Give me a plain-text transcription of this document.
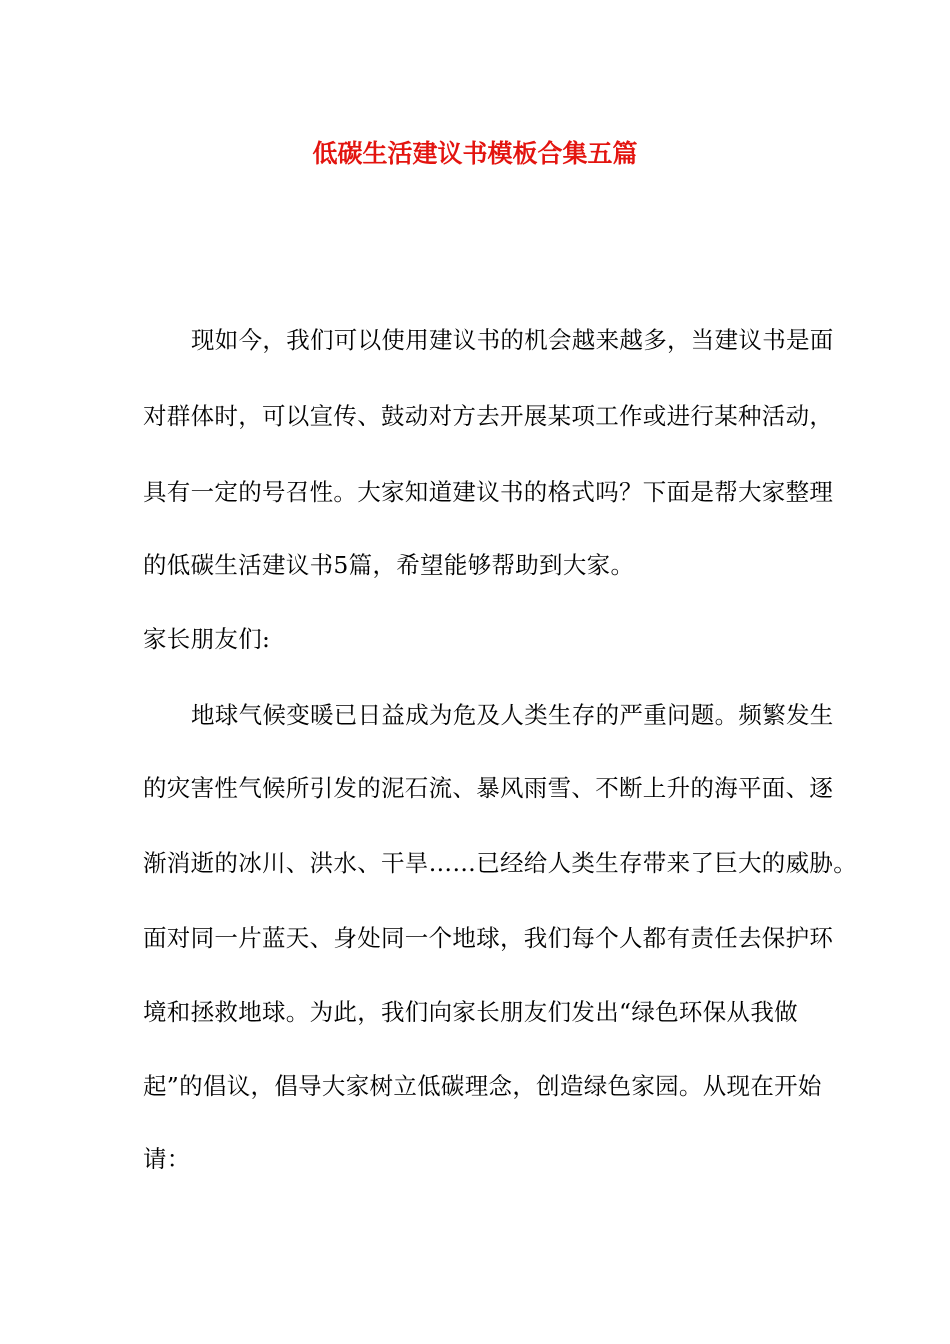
低碳生活建议书模板合集五篇
现如今，我们可以使用建议书的机会越来越多，当建议书是面
对群体时，可以宣传、鼓动对方去开展某项工作或进行某种活动，
具有一定的号召性。大家知道建议书的格式吗？下面是帮大家整理
的低碳生活建议书5篇，希望能够帮助到大家。
家长朋友们:
地球气候变暖已日益成为危及人类生存的严重问题。频繁发生
的灾害性气候所引发的泥石流、暴风雨雪、不断上升的海平面、逐
渐消逝的冰川、洪水、干旱……已经给人类生存带来了巨大的威胁。
面对同一片蓝天、身处同一个地球，我们每个人都有责任去保护环
境和拯救地球。为此，我们向家长朋友们发出“绿色环保从我做
起”的倡议，倡导大家树立低碳理念，创造绿色家园。从现在开始
请：
